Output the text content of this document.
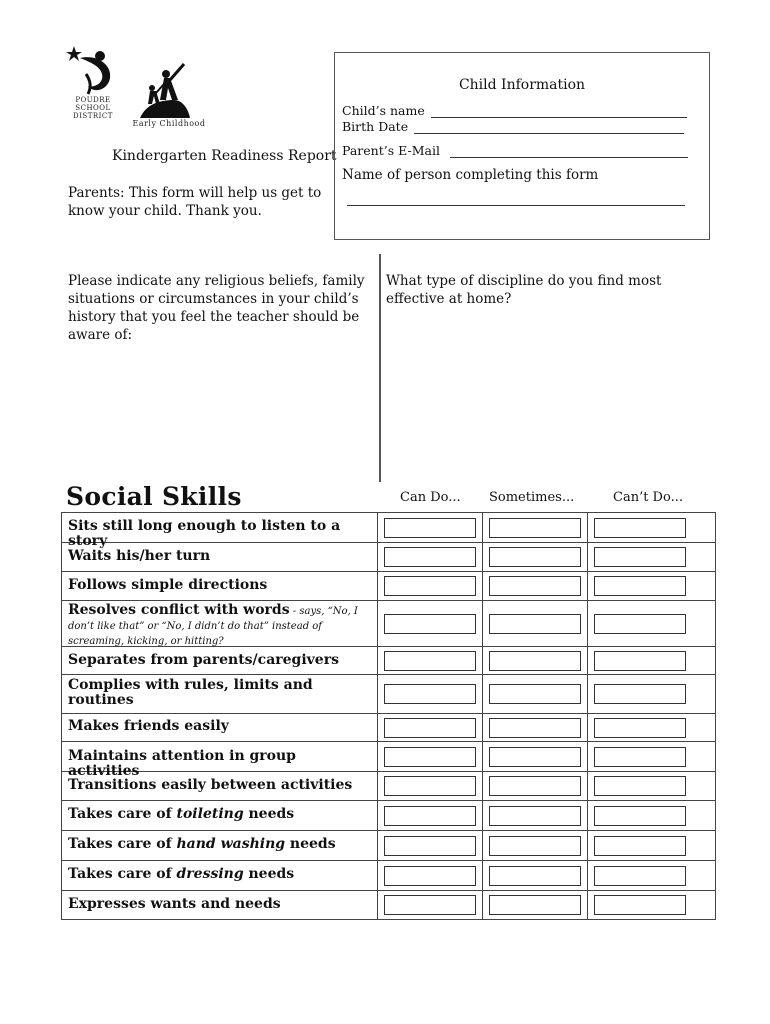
POUDRE SCHOOL DISTRICT
Early Childhood
Kindergarten Readiness Report
Parents: This form will help us get to know your child. Thank you.
Child Information
Child’s name
Birth Date
Parent’s E-Mail
Name of person completing this form
Please indicate any religious beliefs, family situations or circumstances in your child’s history that you feel the teacher should be aware of:
What type of discipline do you find most effective at home?
Social Skills	Can Do... Sometimes...	Can’t Do...
Sits still long enough to listen to a story
Waits his/her turn
Follows simple directions
Resolves conflict with words - says, “No, I don’t like that” or “No, I didn’t do that” instead of screaming, kicking, or hitting?
Separates from parents/caregivers
Complies with rules, limits and routines
Makes friends easily
Maintains attention in group activities
Transitions easily between activities
Takes care of toileting needs
Takes care of hand washing needs
Takes care of dressing needs
Expresses wants and needs
